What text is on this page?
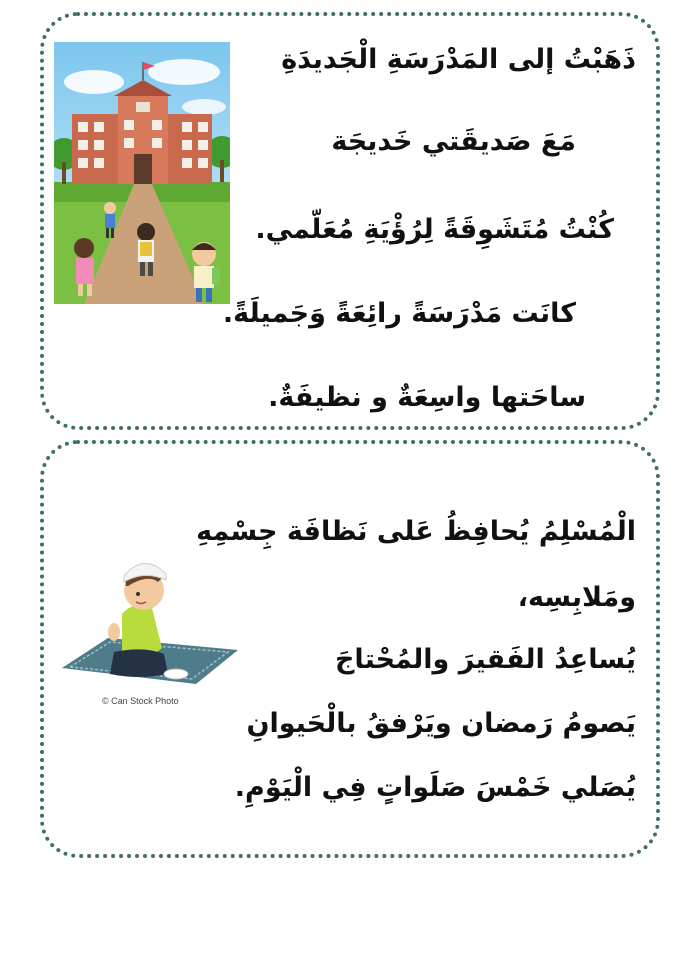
ذَهَبْتُ إلى المَدْرَسَةِ الْجَديدَةِ
مَعَ صَديقَتي خَديجَة
كُنْتُ مُتَشَوِقَةً لِرُؤْيَةِ مُعَلّمي.
كانَت مَدْرَسَةً رائِعَةً وَجَميلَةً.
ساحَتها واسِعَةٌ و نظيفَةٌ.
© Can Stock Photo
الْمُسْلِمُ يُحافِظُ عَلى نَظافَة جِسْمِهِ
ومَلابِسِه،
يُساعِدُ الفَقيرَ والمُحْتاجَ
يَصومُ رَمضان ويَرْفقُ بالْحَيوانِ
يُصَلي خَمْسَ صَلَواتٍ فِي الْيَوْمِ.
